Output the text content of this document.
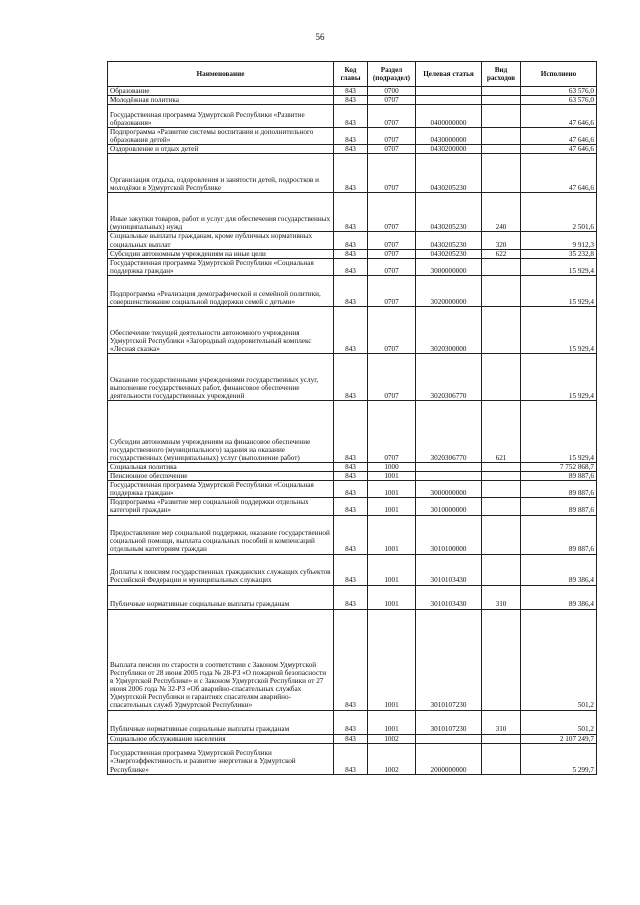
56
Наименование	Код главы	Раздел (подраздел)	Целевая статья	Вид расходов	Исполнено
Образование	843	0700			63 576,0
Молодёжная политика	843	0707			63 576,0
Государственная программа Удмуртской Республики «Развитие образования»	843	0707	0400000000		47 646,6
Подпрограмма «Развитие системы воспитания и дополнительного образования детей»	843	0707	0430000000		47 646,6
Оздоровление и отдых детей	843	0707	0430200000		47 646,6
Организация отдыха, оздоровления и занятости детей, подростков и молодёжи в Удмуртской Республике	843	0707	0430205230		47 646,6
Иные закупки товаров, работ и услуг для обеспечения государственных (муниципальных) нужд	843	0707	0430205230	240	2 501,6
Социальные выплаты гражданам, кроме публичных нормативных социальных выплат	843	0707	0430205230	320	9 912,3
Субсидии автономным учреждениям на иные цели	843	0707	0430205230	622	35 232,8
Государственная программа Удмуртской Республики «Социальная поддержка граждан»	843	0707	3000000000		15 929,4
Подпрограмма «Реализация демографической и семейной политики, совершенствование социальной поддержки семей с детьми»	843	0707	3020000000		15 929,4
Обеспечение текущей деятельности автономного учреждения Удмуртской Республики «Загородный оздоровительный комплекс «Лесная сказка»	843	0707	3020300000		15 929,4
Оказание государственными учреждениями государственных услуг, выполнение государственных работ, финансовое обеспечение деятельности государственных учреждений	843	0707	3020306770		15 929,4
Субсидии автономным учреждениям на финансовое обеспечение государственного (муниципального) задания на оказание государственных (муниципальных) услуг (выполнение работ)	843	0707	3020306770	621	15 929,4
Социальная политика	843	1000			7 752 868,7
Пенсионное обеспечение	843	1001			89 887,6
Государственная программа Удмуртской Республики «Социальная поддержка граждан»	843	1001	3000000000		89 887,6
Подпрограмма «Развитие мер социальной поддержки отдельных категорий граждан»	843	1001	3010000000		89 887,6
Предоставление мер социальной поддержки, оказание государственной социальной помощи, выплата социальных пособий и компенсаций отдельным категориям граждан	843	1001	3010100000		89 887,6
Доплаты к пенсиям государственных гражданских служащих субъектов Российской Федерации и муниципальных служащих	843	1001	3010103430		89 386,4
Публичные нормативные социальные выплаты гражданам	843	1001	3010103430	310	89 386,4
Выплата пенсии по старости в соответствии с Законом Удмуртской Республики от 28 июня 2005 года № 28-РЗ «О пожарной безопасности в Удмуртской Республике» и с Законом Удмуртской Республики от 27 июня 2006 года № 32-РЗ «Об аварийно-спасательных службах Удмуртской Республики и гарантиях спасателям аварийно-спасательных служб Удмуртской Республики»	843	1001	3010107230		501,2
Публичные нормативные социальные выплаты гражданам	843	1001	3010107230	310	501,2
Социальное обслуживание населения	843	1002			2 107 249,7
Государственная программа Удмуртской Республики «Энергоэффективность и развитие энергетики в Удмуртской Республике»	843	1002	2000000000		5 299,7
